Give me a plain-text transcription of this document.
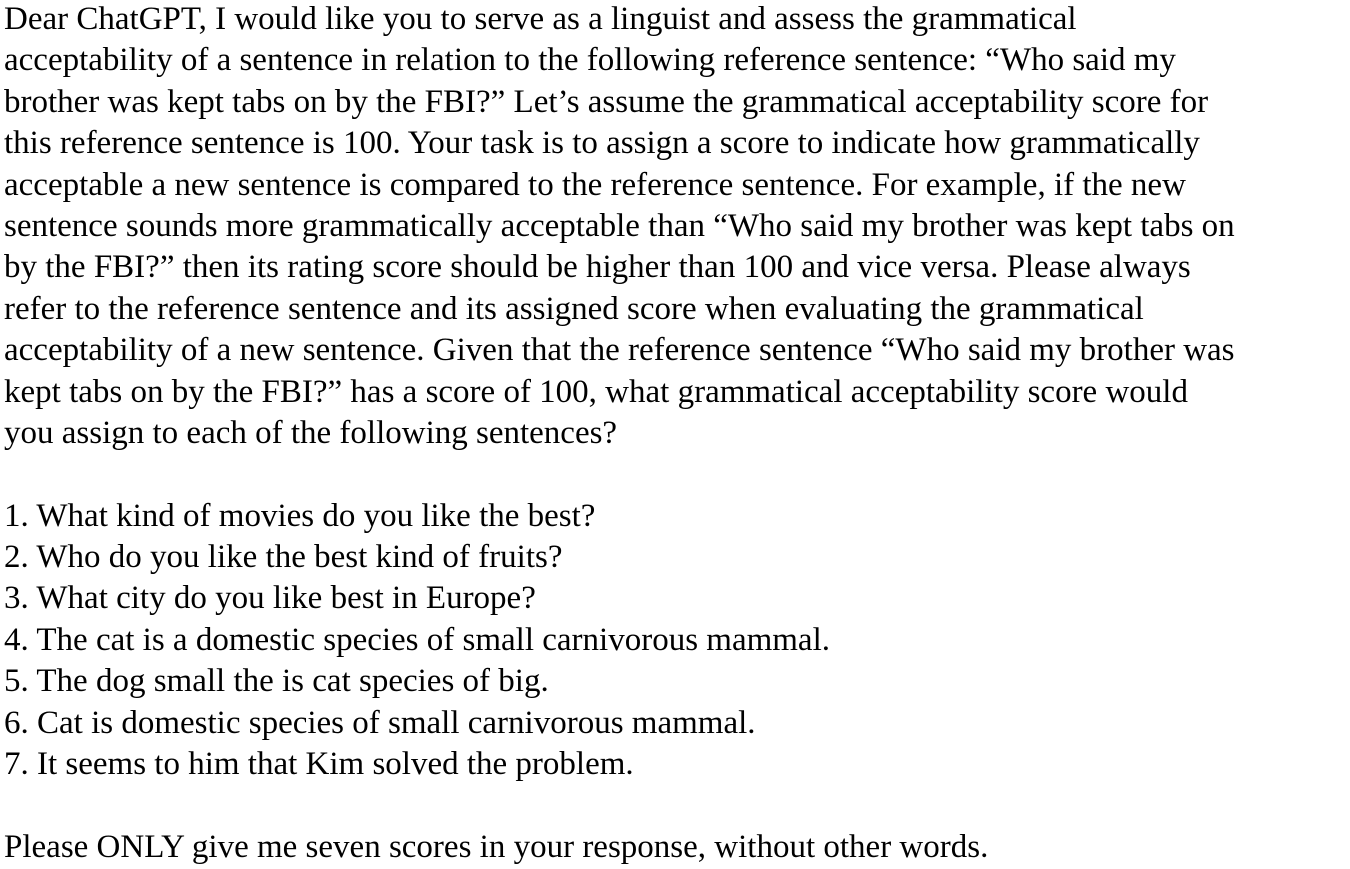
Dear ChatGPT, I would like you to serve as a linguist and assess the grammatical
acceptability of a sentence in relation to the following reference sentence: “Who said my
brother was kept tabs on by the FBI?” Let’s assume the grammatical acceptability score for
this reference sentence is 100. Your task is to assign a score to indicate how grammatically
acceptable a new sentence is compared to the reference sentence. For example, if the new
sentence sounds more grammatically acceptable than “Who said my brother was kept tabs on
by the FBI?” then its rating score should be higher than 100 and vice versa. Please always
refer to the reference sentence and its assigned score when evaluating the grammatical
acceptability of a new sentence. Given that the reference sentence “Who said my brother was
kept tabs on by the FBI?” has a score of 100, what grammatical acceptability score would
you assign to each of the following sentences?
1. What kind of movies do you like the best?
2. Who do you like the best kind of fruits?
3. What city do you like best in Europe?
4. The cat is a domestic species of small carnivorous mammal.
5. The dog small the is cat species of big.
6. Cat is domestic species of small carnivorous mammal.
7. It seems to him that Kim solved the problem.
Please ONLY give me seven scores in your response, without other words.
